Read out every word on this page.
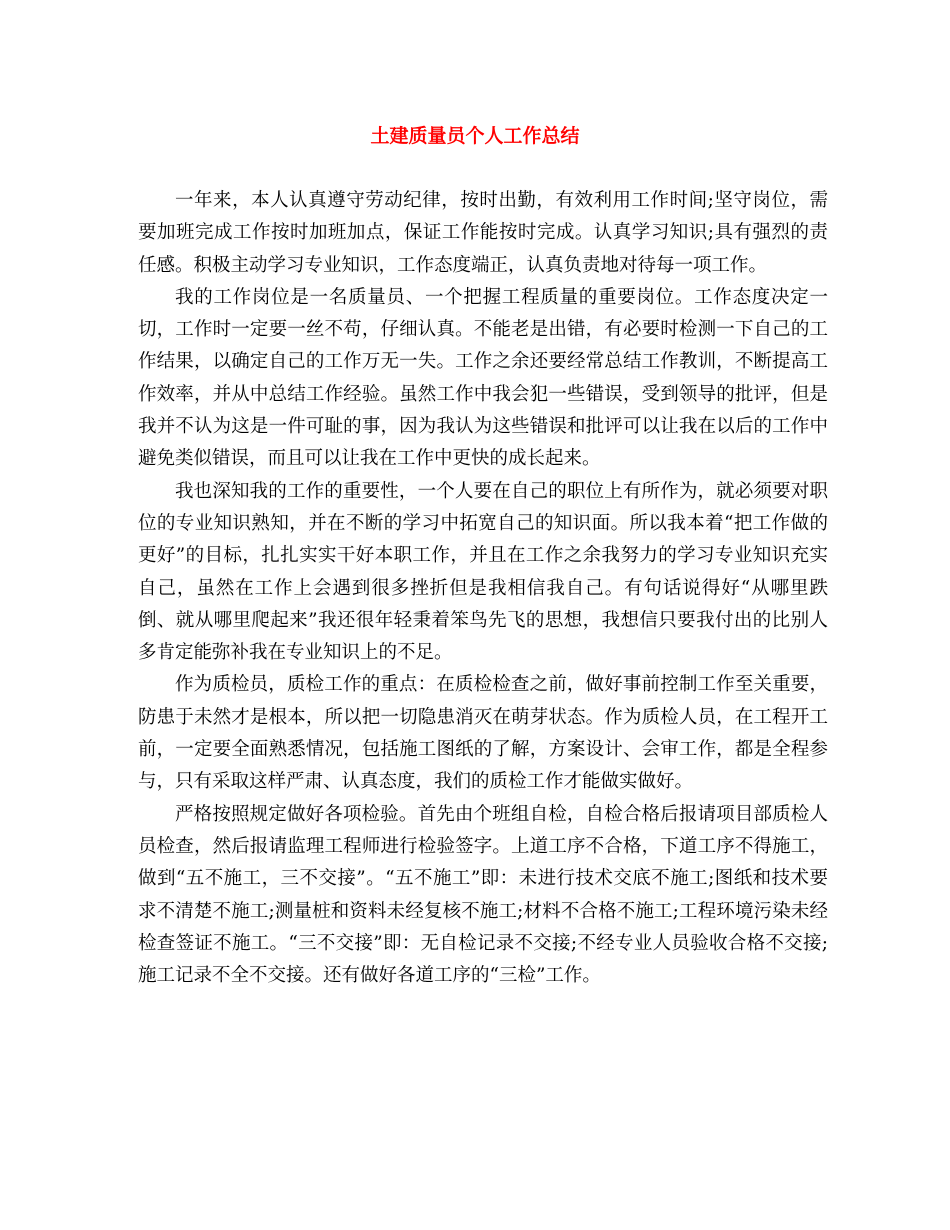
土建质量员个人工作总结

一年来，本人认真遵守劳动纪律，按时出勤，有效利用工作时间;坚守岗位，需要加班完成工作按时加班加点，保证工作能按时完成。认真学习知识;具有强烈的责任感。积极主动学习专业知识，工作态度端正，认真负责地对待每一项工作。

我的工作岗位是一名质量员、一个把握工程质量的重要岗位。工作态度决定一切，工作时一定要一丝不苟，仔细认真。不能老是出错，有必要时检测一下自己的工作结果，以确定自己的工作万无一失。工作之余还要经常总结工作教训，不断提高工作效率，并从中总结工作经验。虽然工作中我会犯一些错误，受到领导的批评，但是我并不认为这是一件可耻的事，因为我认为这些错误和批评可以让我在以后的工作中避免类似错误，而且可以让我在工作中更快的成长起来。

我也深知我的工作的重要性，一个人要在自己的职位上有所作为，就必须要对职位的专业知识熟知，并在不断的学习中拓宽自己的知识面。所以我本着“把工作做的更好”的目标，扎扎实实干好本职工作，并且在工作之余我努力的学习专业知识充实自己，虽然在工作上会遇到很多挫折但是我相信我自己。有句话说得好“从哪里跌倒、就从哪里爬起来”我还很年轻秉着笨鸟先飞的思想，我想信只要我付出的比别人多肯定能弥补我在专业知识上的不足。

作为质检员，质检工作的重点：在质检检查之前，做好事前控制工作至关重要，防患于未然才是根本，所以把一切隐患消灭在萌芽状态。作为质检人员，在工程开工前，一定要全面熟悉情况，包括施工图纸的了解，方案设计、会审工作，都是全程参与，只有采取这样严肃、认真态度，我们的质检工作才能做实做好。

严格按照规定做好各项检验。首先由个班组自检，自检合格后报请项目部质检人员检查，然后报请监理工程师进行检验签字。上道工序不合格，下道工序不得施工，做到“五不施工，三不交接”。“五不施工”即：未进行技术交底不施工;图纸和技术要求不清楚不施工;测量桩和资料未经复核不施工;材料不合格不施工;工程环境污染未经检查签证不施工。“三不交接”即：无自检记录不交接;不经专业人员验收合格不交接;施工记录不全不交接。还有做好各道工序的“三检”工作。
